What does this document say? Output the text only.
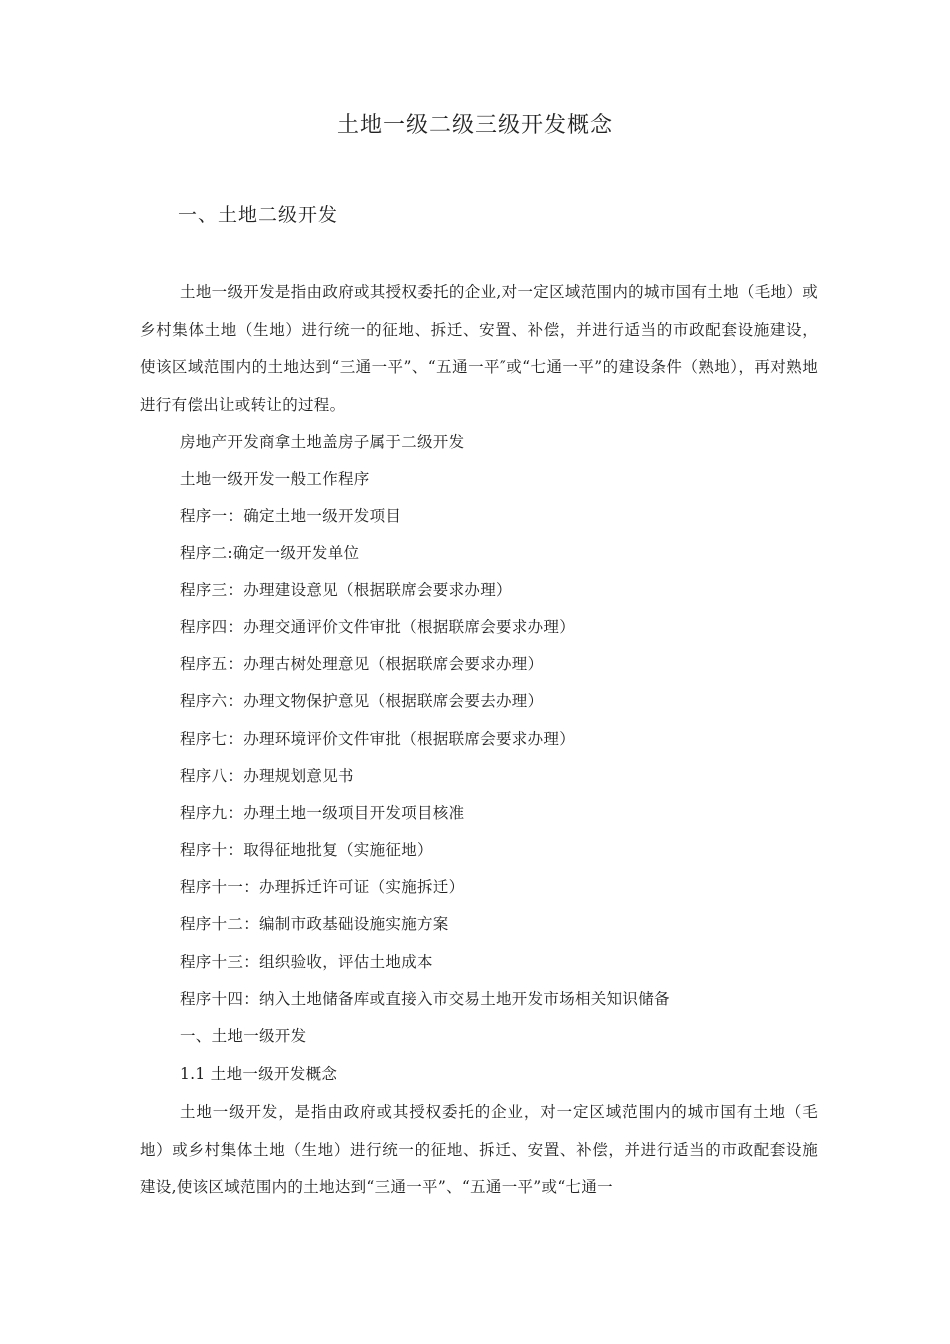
土地一级二级三级开发概念
一、土地二级开发

土地一级开发是指由政府或其授权委托的企业,对一定区域范围内的城市国有土地（毛地）或乡村集体土地（生地）进行统一的征地、拆迁、安置、补偿，并进行适当的市政配套设施建设，使该区域范围内的土地达到“三通一平”、“五通一平″或“七通一平”的建设条件（熟地），再对熟地进行有偿出让或转让的过程。

房地产开发商拿土地盖房子属于二级开发

土地一级开发一般工作程序

程序一：确定土地一级开发项目

程序二:确定一级开发单位

程序三：办理建设意见（根据联席会要求办理）

程序四：办理交通评价文件审批（根据联席会要求办理）

程序五：办理古树处理意见（根据联席会要求办理）

程序六：办理文物保护意见（根据联席会要去办理）

程序七：办理环境评价文件审批（根据联席会要求办理）

程序八：办理规划意见书

程序九：办理土地一级项目开发项目核准

程序十：取得征地批复（实施征地）

程序十一：办理拆迁许可证（实施拆迁）

程序十二：编制市政基础设施实施方案

程序十三：组织验收，评估土地成本

程序十四：纳入土地储备库或直接入市交易土地开发市场相关知识储备

一、土地一级开发

1.1 土地一级开发概念

土地一级开发，是指由政府或其授权委托的企业，对一定区域范围内的城市国有土地（毛地）或乡村集体土地（生地）进行统一的征地、拆迁、安置、补偿，并进行适当的市政配套设施建设,使该区域范围内的土地达到“三通一平”、“五通一平”或“七通一
